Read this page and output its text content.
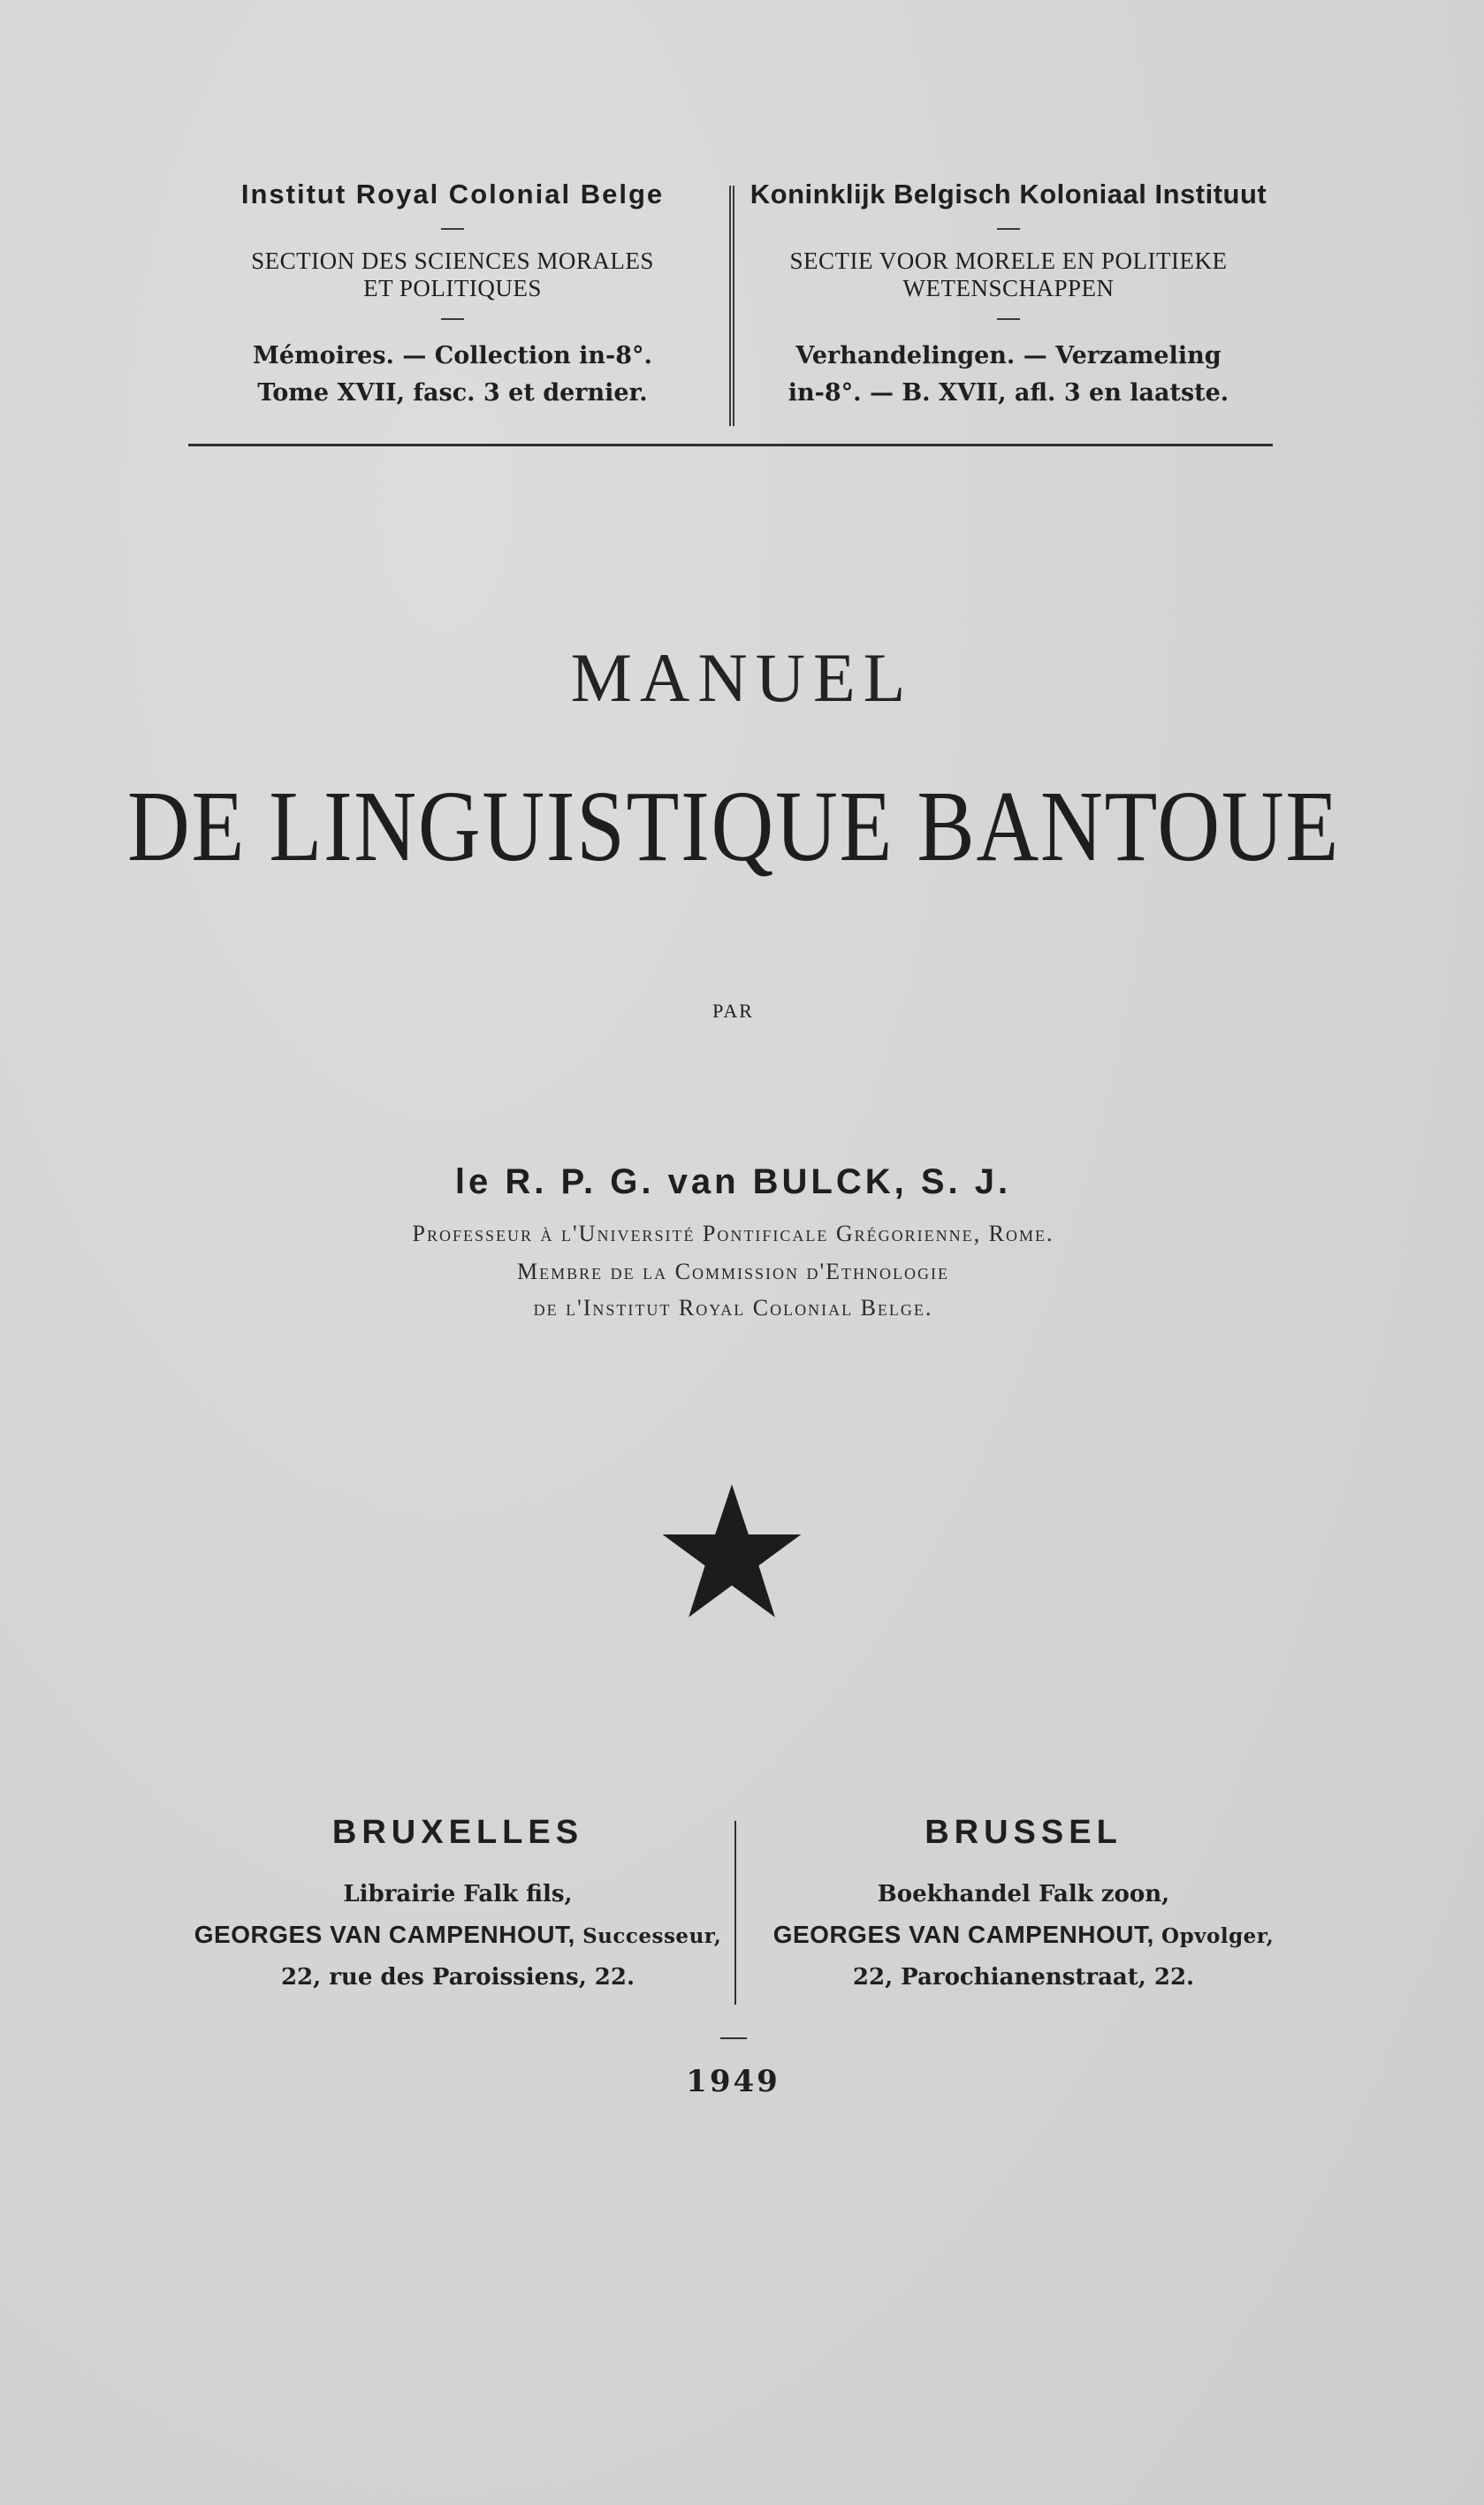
Institut Royal Colonial Belge

SECTION DES SCIENCES MORALES

ET POLITIQUES

Mémoires. — Collection in-8°.

Tome XVII, fasc. 3 et dernier.

Koninklijk Belgisch Koloniaal Instituut

SECTIE VOOR MORELE EN POLITIEKE

WETENSCHAPPEN

Verhandelingen. — Verzameling

in-8°. — B. XVII, afl. 3 en laatste.

MANUEL
DE LINGUISTIQUE BANTOUE
PAR

le R. P. G. van BULCK, S. J.

Professeur à l'Université Pontificale Grégorienne, Rome.

Membre de la Commission d'Ethnologie

de l'Institut Royal Colonial Belge.

BRUXELLES

Librairie Falk fils,

GEORGES VAN CAMPENHOUT, Successeur,

22, rue des Paroissiens, 22.

BRUSSEL

Boekhandel Falk zoon,

GEORGES VAN CAMPENHOUT, Opvolger,

22, Parochianenstraat, 22.

1949
